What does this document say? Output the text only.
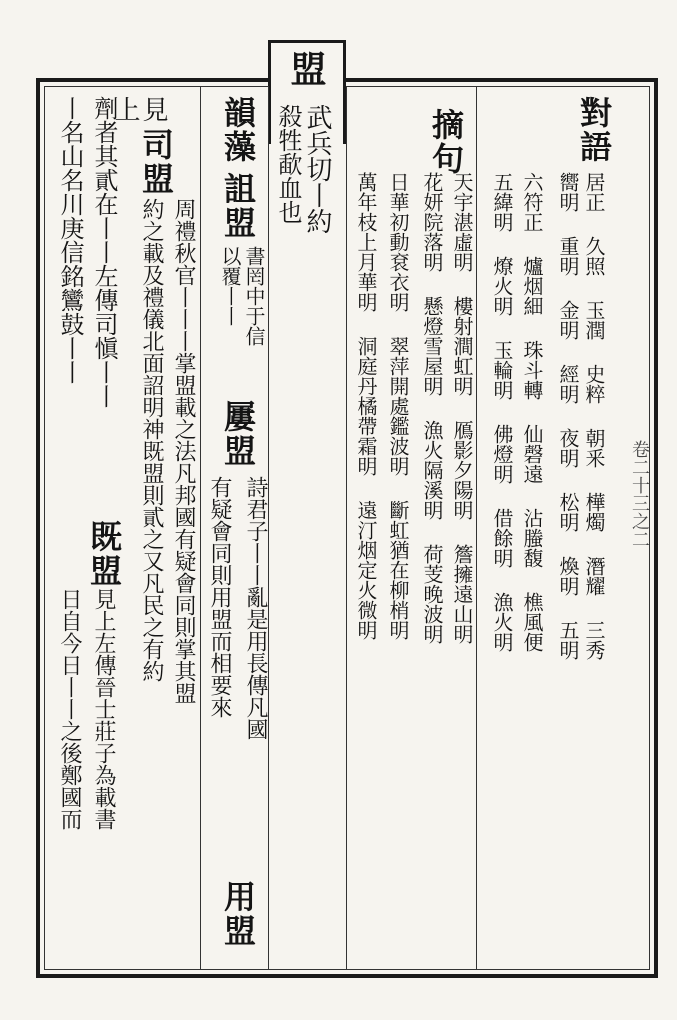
盟
武兵切丨約
殺牲歃血也
韻藻
詛盟
書罔中于信
以覆丨丨
屢盟
詩君子丨丨亂是用長傳凡國
有疑會同則用盟而相要來
用盟
見
司盟
周禮秋官丨丨丨掌盟載之法凡邦國有疑會同則掌其盟
約之載及禮儀北面詔明神既盟則貳之又凡民之有約
上
劑者其貳在丨丨左傳司愼丨丨
既盟
見上左傳晉士莊子為載書
丨名山名川庚信銘鸞鼓丨丨
日自今日丨丨之後鄭國而
對語
居正 久照 玉潤 史粹 朝釆 樺燭 潛耀 三秀
嚮明 重明 金明 經明 夜明 松明 煥明 五明
六符正 爐烟細 珠斗轉 仙磬遠 沾螣馥 樵風便
五緯明 燎火明 玉輪明 佛燈明 借餘明 漁火明
摘句
天宇湛虛明 樓射澗虹明 鴈影夕陽明 簷擁遠山明
花妍院落明 懸燈雪屋明 漁火隔溪明 荷芰晚波明
日華初動袞衣明 翠萍開處鑑波明 斷虹猶在柳梢明
萬年枝上月華明 洞庭丹橘帶霜明 遠汀烟定火微明	卷二十三之二
